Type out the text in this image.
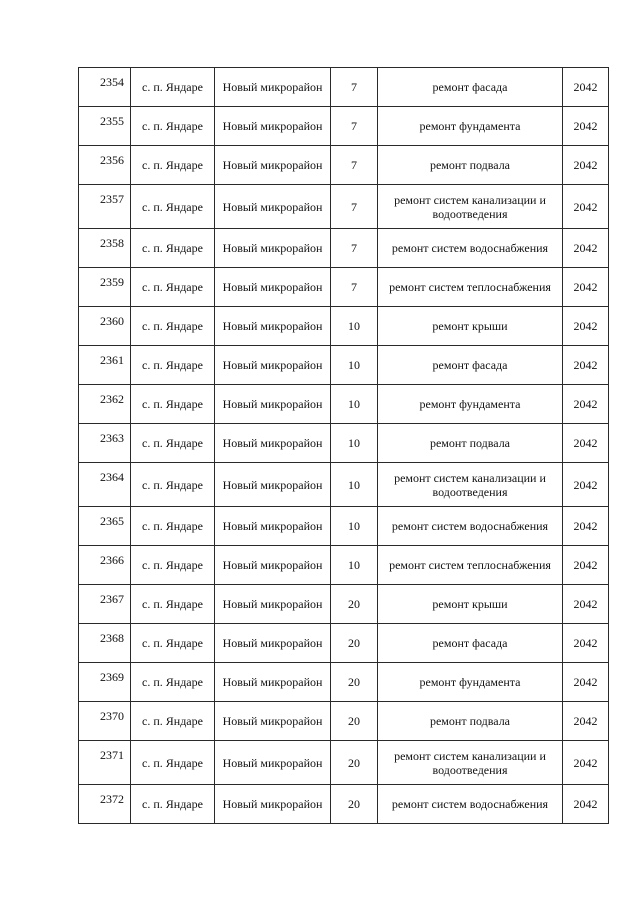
2354	с. п. Яндаре	Новый микрорайон	7	ремонт фасада	2042
2355	с. п. Яндаре	Новый микрорайон	7	ремонт фундамента	2042
2356	с. п. Яндаре	Новый микрорайон	7	ремонт подвала	2042
2357	с. п. Яндаре	Новый микрорайон	7	ремонт систем канализации и водоотведения	2042
2358	с. п. Яндаре	Новый микрорайон	7	ремонт систем водоснабжения	2042
2359	с. п. Яндаре	Новый микрорайон	7	ремонт систем теплоснабжения	2042
2360	с. п. Яндаре	Новый микрорайон	10	ремонт крыши	2042
2361	с. п. Яндаре	Новый микрорайон	10	ремонт фасада	2042
2362	с. п. Яндаре	Новый микрорайон	10	ремонт фундамента	2042
2363	с. п. Яндаре	Новый микрорайон	10	ремонт подвала	2042
2364	с. п. Яндаре	Новый микрорайон	10	ремонт систем канализации и водоотведения	2042
2365	с. п. Яндаре	Новый микрорайон	10	ремонт систем водоснабжения	2042
2366	с. п. Яндаре	Новый микрорайон	10	ремонт систем теплоснабжения	2042
2367	с. п. Яндаре	Новый микрорайон	20	ремонт крыши	2042
2368	с. п. Яндаре	Новый микрорайон	20	ремонт фасада	2042
2369	с. п. Яндаре	Новый микрорайон	20	ремонт фундамента	2042
2370	с. п. Яндаре	Новый микрорайон	20	ремонт подвала	2042
2371	с. п. Яндаре	Новый микрорайон	20	ремонт систем канализации и водоотведения	2042
2372	с. п. Яндаре	Новый микрорайон	20	ремонт систем водоснабжения	2042
